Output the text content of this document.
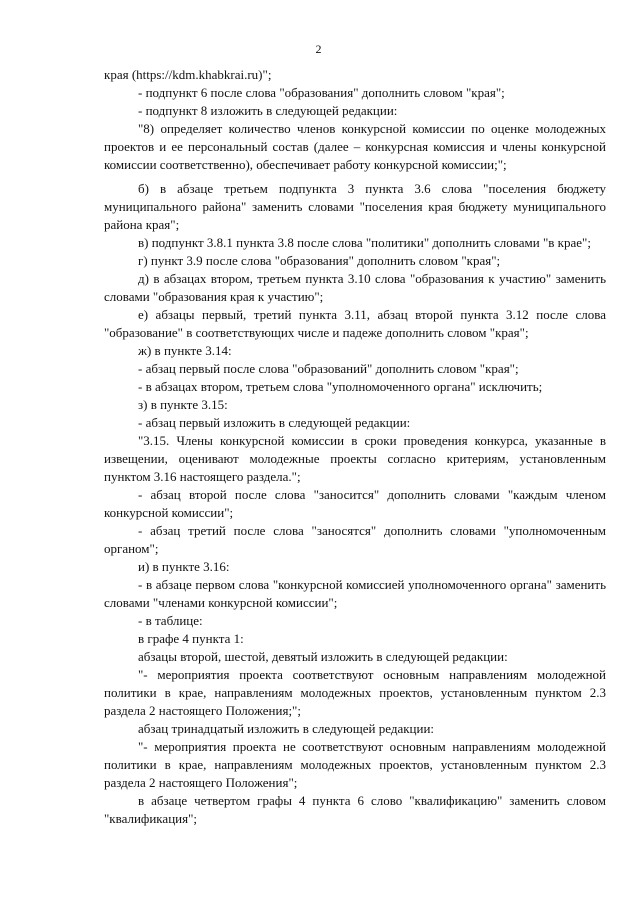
2

края (https://kdm.khabkrai.ru)";

- подпункт 6 после слова "образования" дополнить словом "края";

- подпункт 8 изложить в следующей редакции:

"8) определяет количество членов конкурсной комиссии по оценке молодежных проектов и ее персональный состав (далее – конкурсная комиссия и члены конкурсной комиссии соответственно), обеспечивает работу конкурсной комиссии;";

б) в абзаце третьем подпункта 3 пункта 3.6 слова "поселения бюджету муниципального района" заменить словами "поселения края бюджету муниципального района края";

в) подпункт 3.8.1 пункта 3.8 после слова "политики" дополнить словами "в крае";

г) пункт 3.9 после слова "образования" дополнить словом "края";

д) в абзацах втором, третьем пункта 3.10 слова "образования к участию" заменить словами "образования края к участию";

е) абзацы первый, третий пункта 3.11, абзац второй пункта 3.12 после слова "образование" в соответствующих числе и падеже дополнить словом "края";

ж) в пункте 3.14:

- абзац первый после слова "образований" дополнить словом "края";

- в абзацах втором, третьем слова "уполномоченного органа" исключить;

з) в пункте 3.15:

- абзац первый изложить в следующей редакции:

"3.15. Члены конкурсной комиссии в сроки проведения конкурса, указанные в извещении, оценивают молодежные проекты согласно критериям, установленным пунктом 3.16 настоящего раздела.";

- абзац второй после слова "заносится" дополнить словами "каждым членом конкурсной комиссии";

- абзац третий после слова "заносятся" дополнить словами "уполномоченным органом";

и) в пункте 3.16:

- в абзаце первом слова "конкурсной комиссией уполномоченного органа" заменить словами "членами конкурсной комиссии";

- в таблице:

в графе 4 пункта 1:

абзацы второй, шестой, девятый изложить в следующей редакции:

"- мероприятия проекта соответствуют основным направлениям молодежной политики в крае, направлениям молодежных проектов, установленным пунктом 2.3 раздела 2 настоящего Положения;";

абзац тринадцатый изложить в следующей редакции:

"- мероприятия проекта не соответствуют основным направлениям молодежной политики в крае, направлениям молодежных проектов, установленным пунктом 2.3 раздела 2 настоящего Положения";

в абзаце четвертом графы 4 пункта 6 слово "квалификацию" заменить словом "квалификация";
